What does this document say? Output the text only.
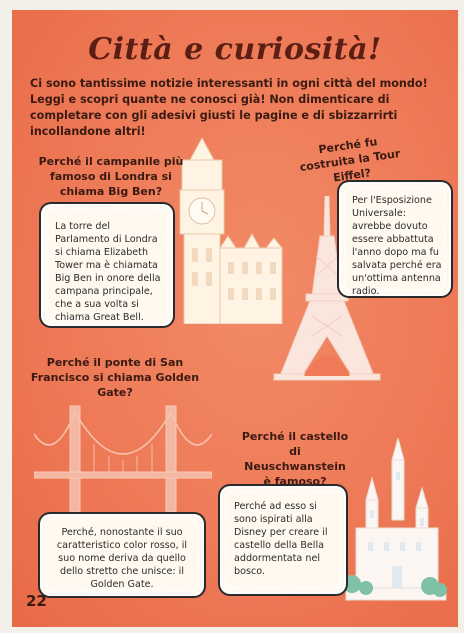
Città e curiosità!
Ci sono tantissime notizie interessanti in ogni città del mondo! Leggi e scopri quante ne conosci già! Non dimenticare di completare con gli adesivi giusti le pagine e di sbizzarrirti incollandone altri!
Perché il campanile più famoso di Londra si chiama Big Ben?
La torre del Parlamento di Londra si chiama Elizabeth Tower ma è chiamata Big Ben in onore della campana principale, che a sua volta si chiama Great Bell.
Perché fu costruita la Tour Eiffel?
Per l'Esposizione Universale: avrebbe dovuto essere abbattuta l'anno dopo ma fu salvata perché era un'ottima antenna radio.
Perché il ponte di San Francisco si chiama Golden Gate?
Perché, nonostante il suo caratteristico color rosso, il suo nome deriva da quello dello stretto che unisce: il Golden Gate.
Perché il castello di Neuschwanstein è famoso?
Perché ad esso si sono ispirati alla Disney per creare il castello della Bella addormentata nel bosco.
22
